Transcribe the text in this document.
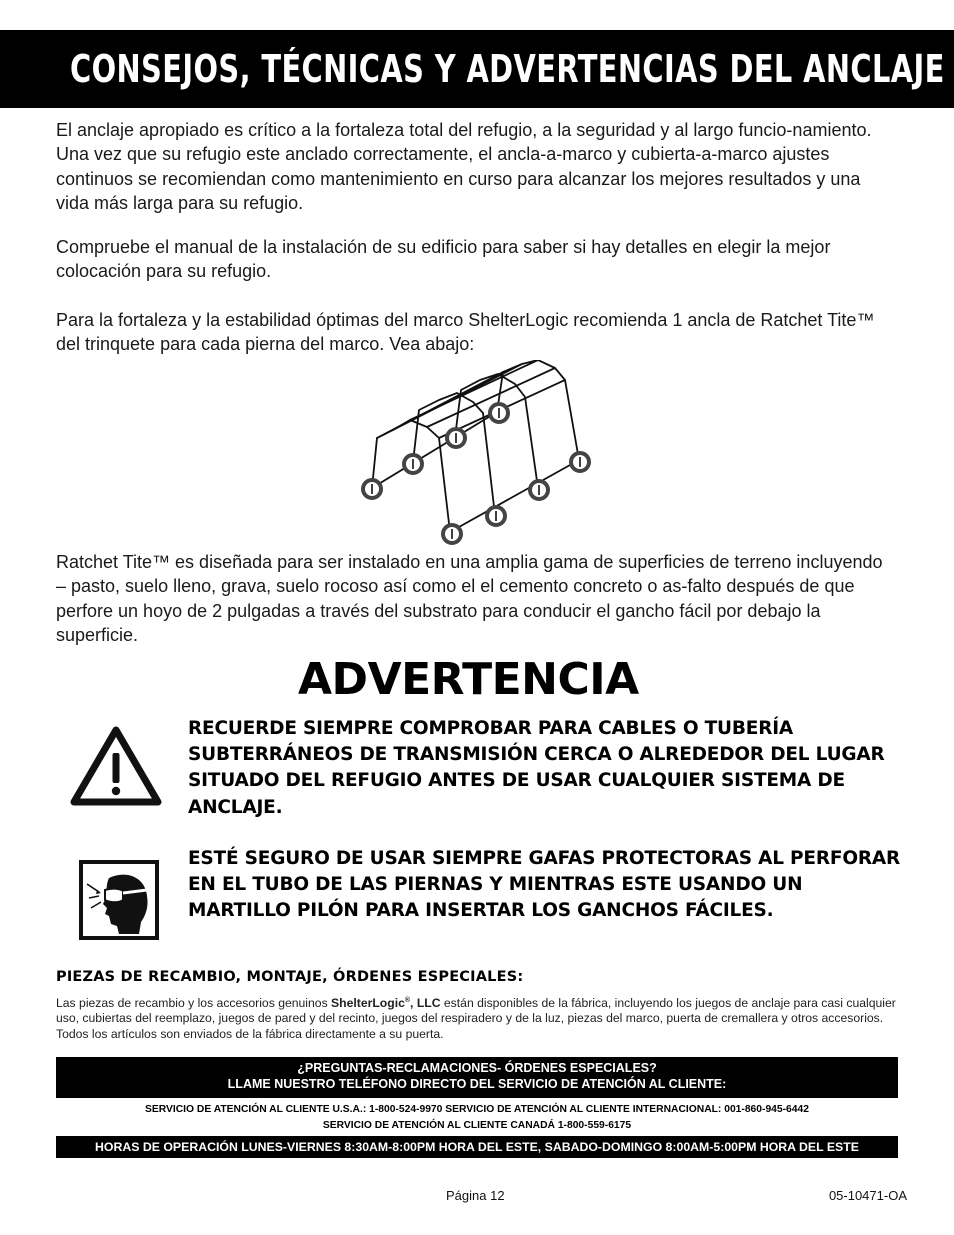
CONSEJOS, TÉCNICAS Y ADVERTENCIAS DEL ANCLAJE

El anclaje apropiado es crítico a la fortaleza total del refugio, a la seguridad y al largo funcio-namiento. Una vez que su refugio este anclado correctamente, el ancla-a-marco y cubierta-a-marco ajustes continuos se recomiendan como mantenimiento en curso para alcanzar los mejores resultados y una vida más larga para su refugio.

Compruebe el manual de la instalación de su edificio para saber si hay detalles en elegir la mejor colocación para su refugio.

Para la fortaleza y la estabilidad óptimas del marco ShelterLogic recomienda 1 ancla de Ratchet Tite™ del trinquete para cada pierna del marco. Vea abajo:

Ratchet Tite™ es diseñada para ser instalado en una amplia gama de superficies de terreno incluyendo – pasto, suelo lleno, grava, suelo rocoso así como el el cemento concreto o as-falto después de que perfore un hoyo de 2 pulgadas a través del substrato para conducir el gancho fácil por debajo la superficie.

ADVERTENCIA

RECUERDE SIEMPRE COMPROBAR PARA CABLES O TUBERÍA SUBTERRÁNEOS DE TRANSMISIÓN CERCA O ALREDEDOR DEL LUGAR SITUADO DEL REFUGIO ANTES DE USAR CUALQUIER SISTEMA DE ANCLAJE.

ESTÉ SEGURO DE USAR SIEMPRE GAFAS PROTECTORAS AL PERFORAR EN EL TUBO DE LAS PIERNAS Y MIENTRAS ESTE USANDO UN MARTILLO PILÓN PARA INSERTAR LOS GANCHOS FÁCILES.

PIEZAS DE RECAMBIO, MONTAJE, ÓRDENES ESPECIALES:

Las piezas de recambio y los accesorios genuinos ShelterLogic®, LLC están disponibles de la fábrica, incluyendo los juegos de anclaje para casi cualquier uso, cubiertas del reemplazo, juegos de pared y del recinto, juegos del respiradero y de la luz, piezas del marco, puerta de cremallera y otros accesorios. Todos los artículos son enviados de la fábrica directamente a su puerta.

¿PREGUNTAS-RECLAMACIONES- ÓRDENES ESPECIALES?
LLAME NUESTRO TELÉFONO DIRECTO DEL SERVICIO DE ATENCIÓN AL CLIENTE:
SERVICIO DE ATENCIÓN AL CLIENTE U.S.A.: 1-800-524-9970 SERVICIO DE ATENCIÓN AL CLIENTE INTERNACIONAL: 001-860-945-6442
SERVICIO DE ATENCIÓN AL CLIENTE CANADÁ 1-800-559-6175
HORAS DE OPERACIÓN LUNES-VIERNES 8:30AM-8:00PM HORA DEL ESTE, SABADO-DOMINGO 8:00AM-5:00PM HORA DEL ESTE
Página 12	05-10471-OA
